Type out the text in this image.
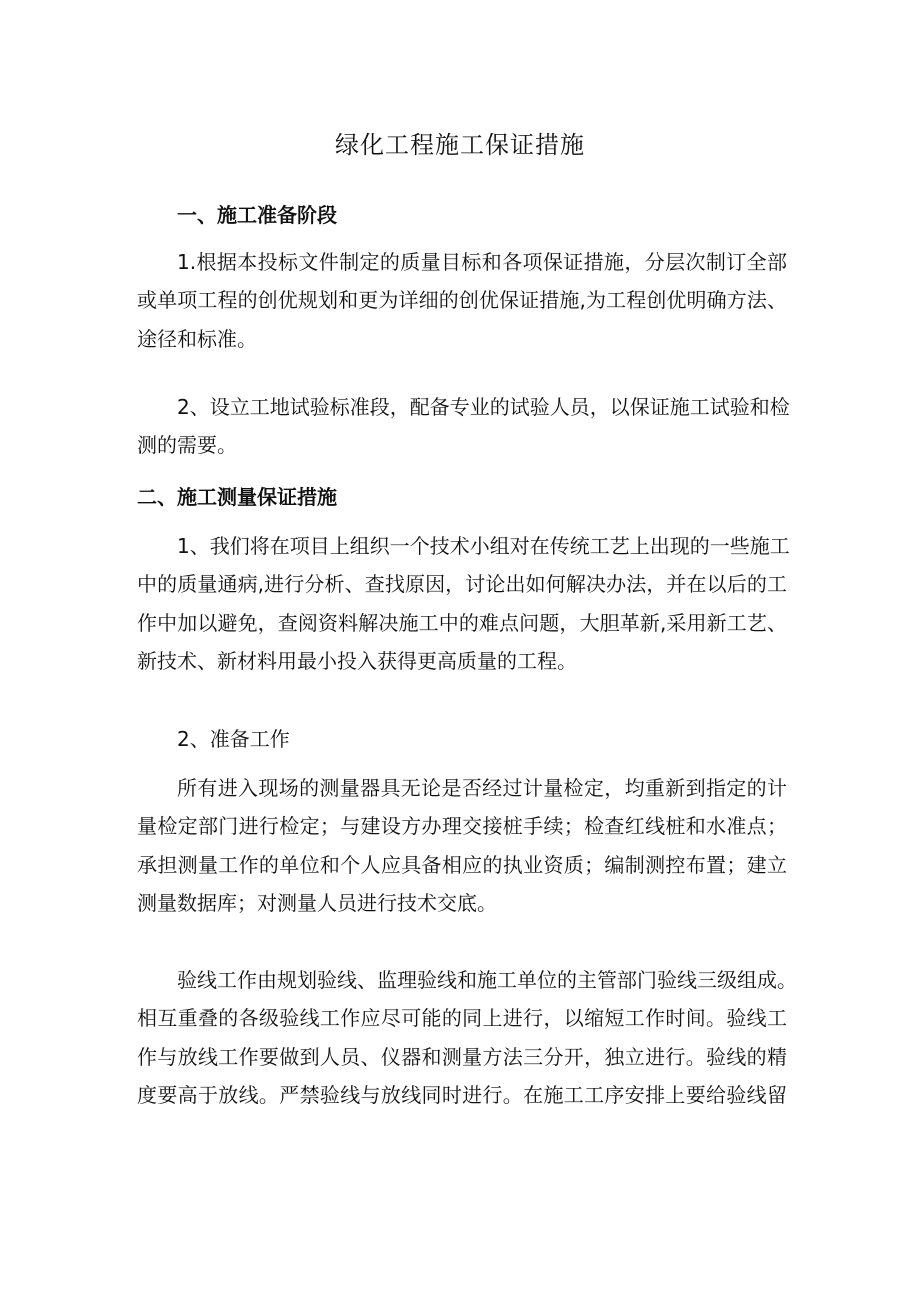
绿化工程施工保证措施
一、施工准备阶段
1.根据本投标文件制定的质量目标和各项保证措施，分层次制订全部
或单项工程的创优规划和更为详细的创优保证措施,为工程创优明确方法、
途径和标准。
2、设立工地试验标准段，配备专业的试验人员，以保证施工试验和检
测的需要。
二、施工测量保证措施
1、我们将在项目上组织一个技术小组对在传统工艺上出现的一些施工
中的质量通病,进行分析、查找原因，讨论出如何解决办法，并在以后的工
作中加以避免，查阅资料解决施工中的难点问题，大胆革新,采用新工艺、
新技术、新材料用最小投入获得更高质量的工程。
2、准备工作
所有进入现场的测量器具无论是否经过计量检定，均重新到指定的计
量检定部门进行检定；与建设方办理交接桩手续；检查红线桩和水准点；
承担测量工作的单位和个人应具备相应的执业资质；编制测控布置；建立
测量数据库；对测量人员进行技术交底。
验线工作由规划验线、监理验线和施工单位的主管部门验线三级组成。
相互重叠的各级验线工作应尽可能的同上进行，以缩短工作时间。验线工
作与放线工作要做到人员、仪器和测量方法三分开，独立进行。验线的精
度要高于放线。严禁验线与放线同时进行。在施工工序安排上要给验线留
